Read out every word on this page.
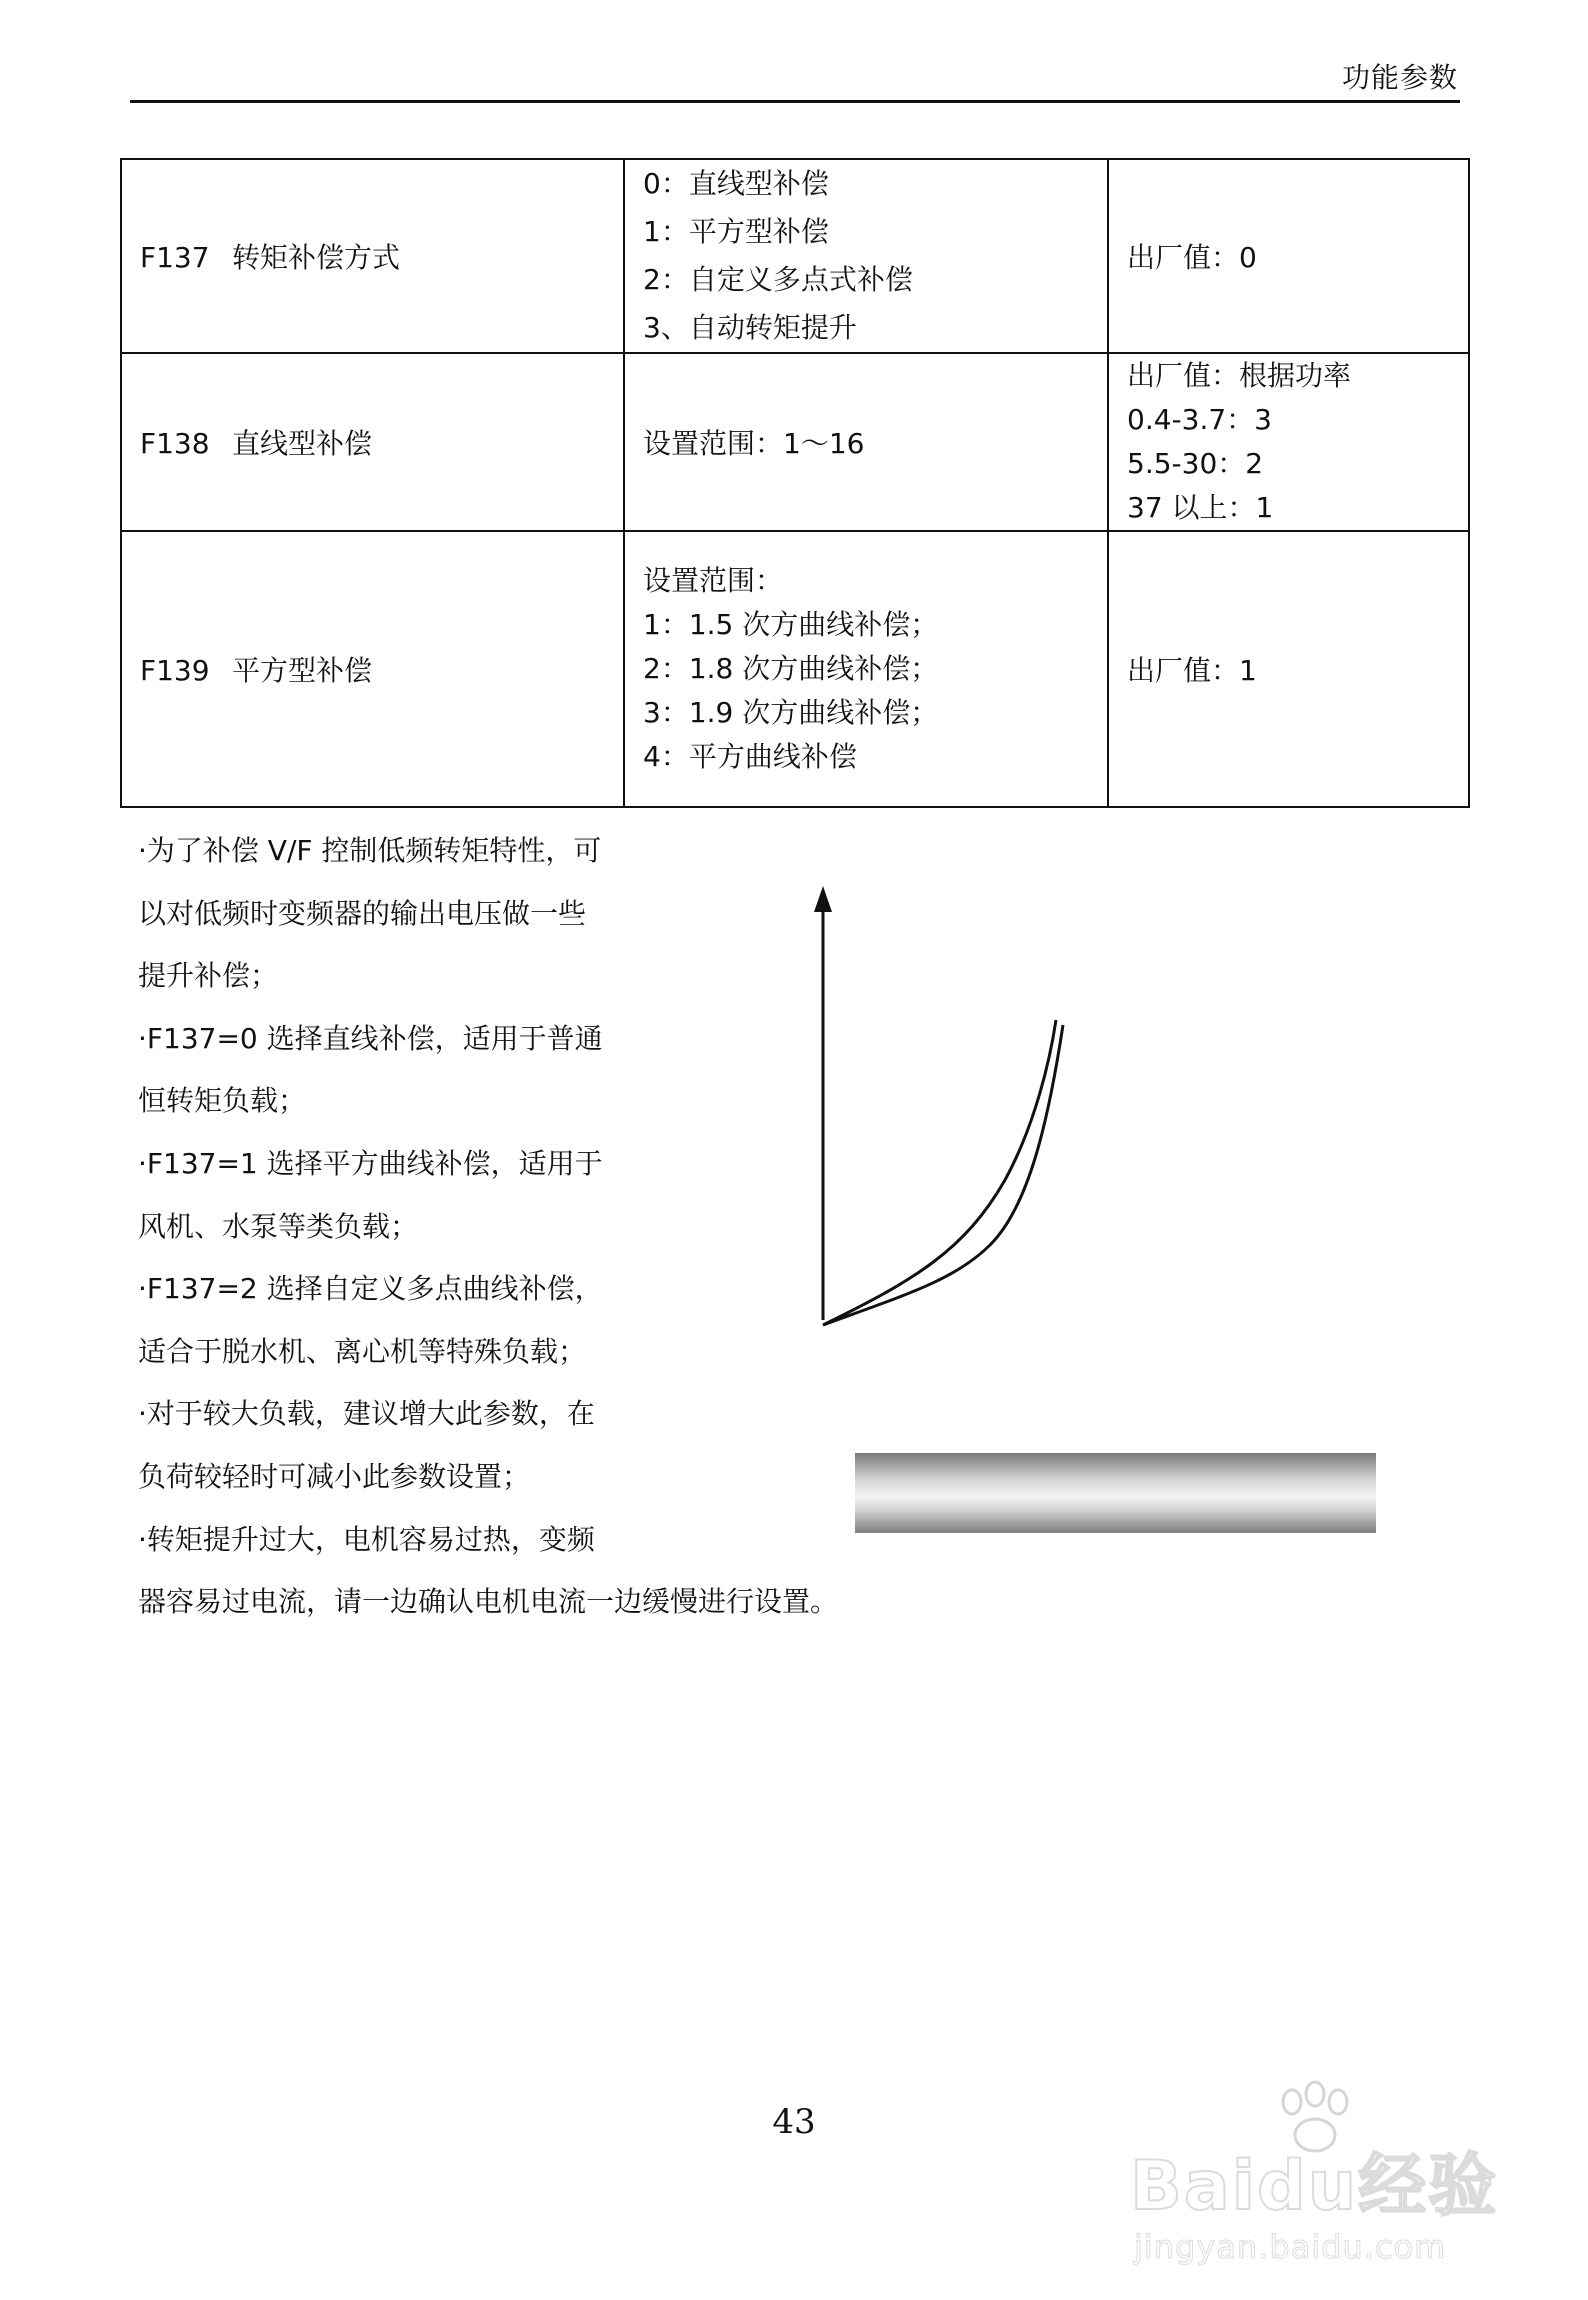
功能参数
F137 转矩补偿方式	0：直线型补偿
1：平方型补偿
2：自定义多点式补偿
3、自动转矩提升	出厂值：0

F138 直线型补偿	设置范围：1～16	出厂值：根据功率
0.4-3.7：3
5.5-30：2
37 以上：1

F139 平方型补偿	设置范围：
1：1.5 次方曲线补偿；
2：1.8 次方曲线补偿；
3：1.9 次方曲线补偿；
4：平方曲线补偿	出厂值：1

·为了补偿 V/F 控制低频转矩特性，可

以对低频时变频器的输出电压做一些

提升补偿；

·F137=0 选择直线补偿，适用于普通

恒转矩负载；

·F137=1 选择平方曲线补偿，适用于

风机、水泵等类负载；

·F137=2 选择自定义多点曲线补偿，

适合于脱水机、离心机等特殊负载；

·对于较大负载，建议增大此参数，在

负荷较轻时可减小此参数设置；

·转矩提升过大，电机容易过热，变频

器容易过电流，请一边确认电机电流一边缓慢进行设置。

43
Baidu经验
jingyan.baidu.com
